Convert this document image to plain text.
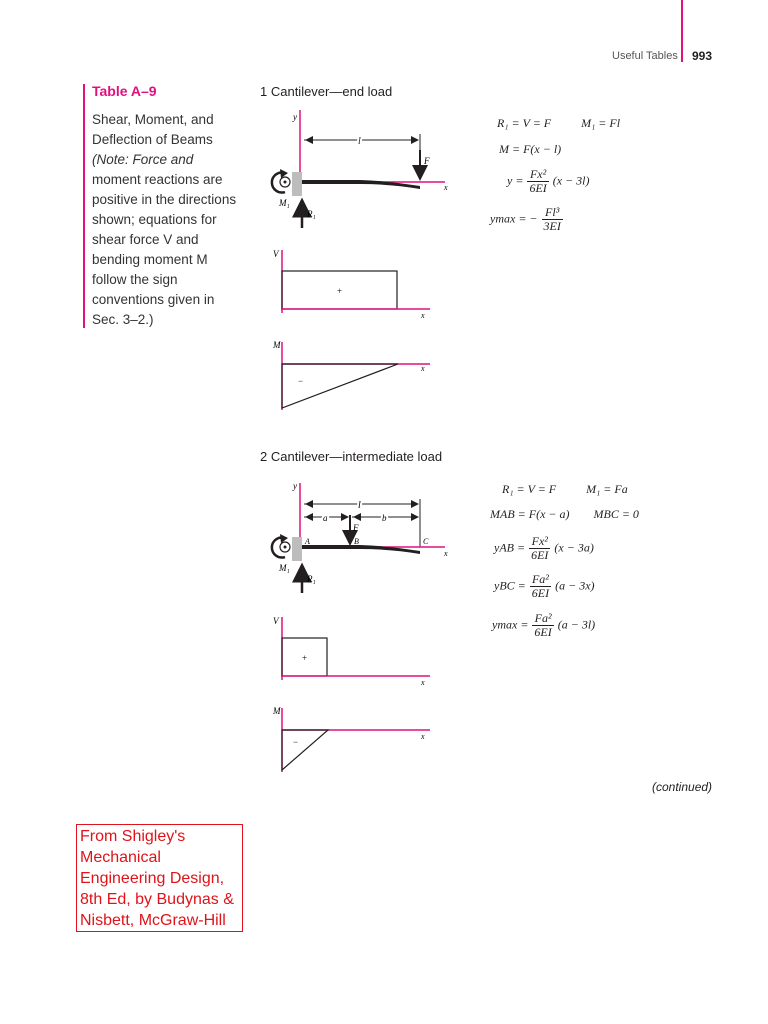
Useful Tables 993
Table A–9
Shear, Moment, and
Deflection of Beams
(Note: Force and
moment reactions are
positive in the directions
shown; equations for
shear force V and
bending moment M
follow the sign
conventions given in
Sec. 3–2.)
1 Cantilever—end load
y
l
F
x
M₁
R₁
V
+
x
M
−
x
R₁ = V = F	M₁ = Fl
M = F(x − l)
$y = \frac{\text{Fx²}}{6EI} (x - 3l)$
ymax = − $\frac{\text{Fl³}}{3EI}$
2 Cantilever—intermediate load
y
l
a	b
F
A	B	C
x
M₁
R₁
V
+
x
M
−
x
R₁ = V = F	M₁ = Fa
MAB = F(x − a) MBC = 0
yAB = $\frac{\text{Fx²}}{6EI} (x - 3a)$
yBC = $\frac{\text{Fa²}}{6EI} (a - 3x)$
$ymax = \frac{\text{Fa²}}{6EI} (a - 3l)$
(continued)
From Shigley's Mechanical Engineering Design, 8th Ed, by Budynas & Nisbett, McGraw-Hill
